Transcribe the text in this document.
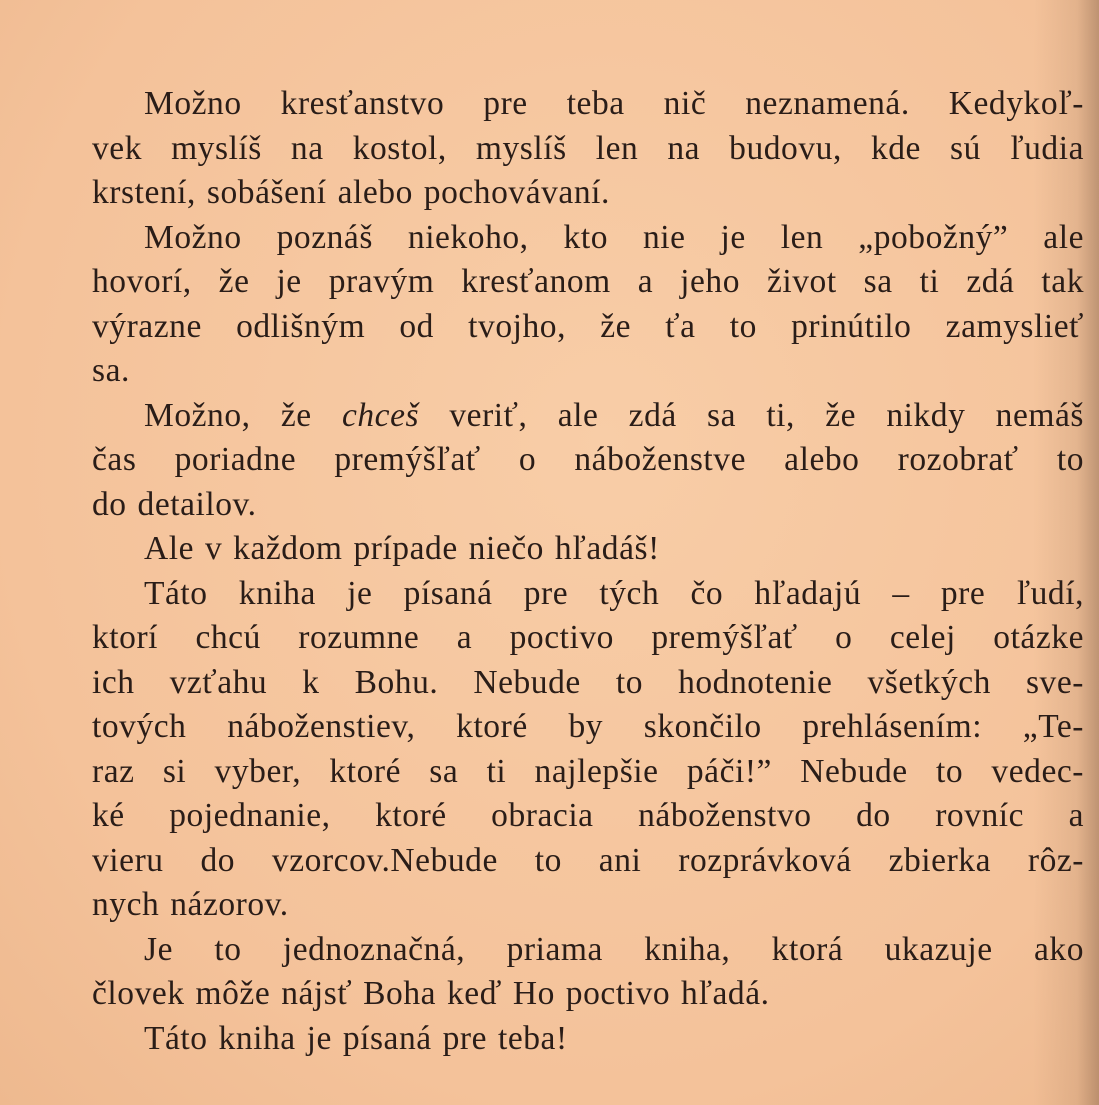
Možno kresťanstvo pre teba nič neznamená. Kedykoľ-
vek myslíš na kostol, myslíš len na budovu, kde sú ľudia
krstení, sobášení alebo pochovávaní.

Možno poznáš niekoho, kto nie je len „pobožný” ale
hovorí, že je pravým kresťanom a jeho život sa ti zdá tak
výrazne odlišným od tvojho, že ťa to prinútilo zamyslieť
sa.

Možno, že chceš veriť, ale zdá sa ti, že nikdy nemáš
čas poriadne premýšľať o náboženstve alebo rozobrať to
do detailov.

Ale v každom prípade niečo hľadáš!

Táto kniha je písaná pre tých čo hľadajú – pre ľudí,
ktorí chcú rozumne a poctivo premýšľať o celej otázke
ich vzťahu k Bohu. Nebude to hodnotenie všetkých sve-
tových náboženstiev, ktoré by skončilo prehlásením: „Te-
raz si vyber, ktoré sa ti najlepšie páči!” Nebude to vedec-
ké pojednanie, ktoré obracia náboženstvo do rovníc a
vieru do vzorcov.Nebude to ani rozprávková zbierka rôz-
nych názorov.

Je to jednoznačná, priama kniha, ktorá ukazuje ako
človek môže nájsť Boha keď Ho poctivo hľadá.

Táto kniha je písaná pre teba!
